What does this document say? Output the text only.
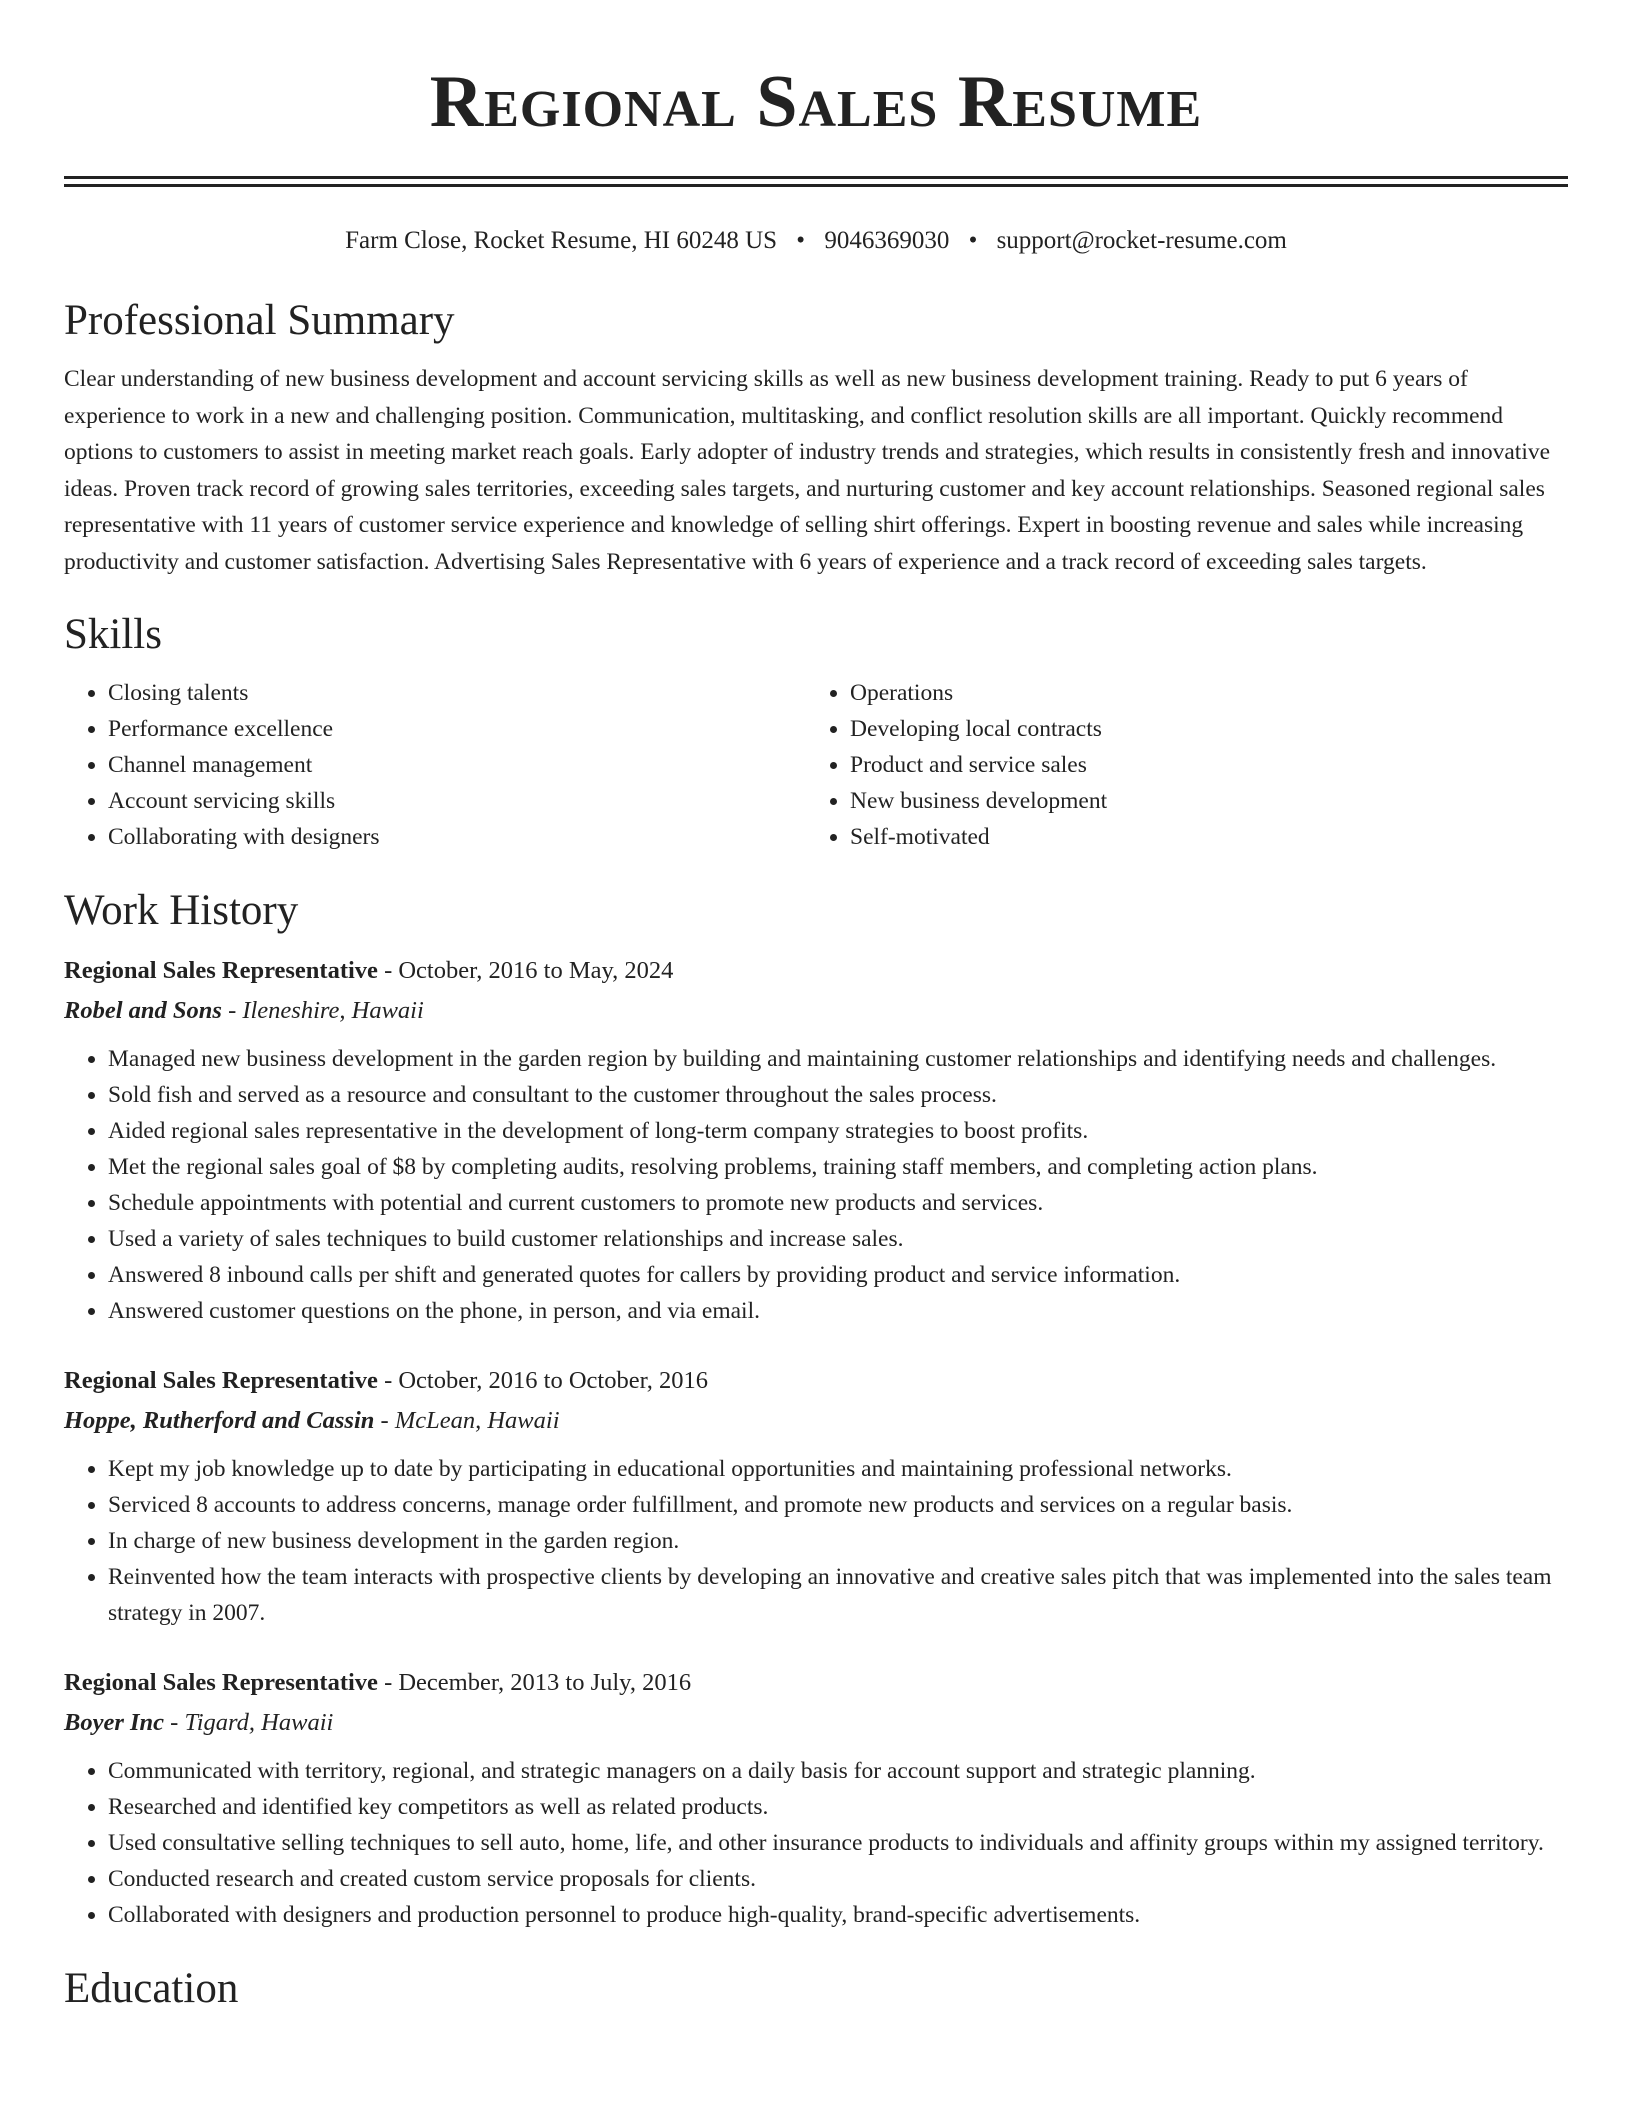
Regional Sales Resume
Farm Close, Rocket Resume, HI 60248 US • 9046369030 • support@rocket-resume.com
Professional Summary

Clear understanding of new business development and account servicing skills as well as new business development training. Ready to put 6 years of experience to work in a new and challenging position. Communication, multitasking, and conflict resolution skills are all important. Quickly recommend options to customers to assist in meeting market reach goals. Early adopter of industry trends and strategies, which results in consistently fresh and innovative ideas. Proven track record of growing sales territories, exceeding sales targets, and nurturing customer and key account relationships. Seasoned regional sales representative with 11 years of customer service experience and knowledge of selling shirt offerings. Expert in boosting revenue and sales while increasing productivity and customer satisfaction. Advertising Sales Representative with 6 years of experience and a track record of exceeding sales targets.

Skills
• Closing talents
• Performance excellence
• Channel management
• Account servicing skills
• Collaborating with designers
• Operations
• Developing local contracts
• Product and service sales
• New business development
• Self-motivated
Work History
Regional Sales Representative - October, 2016 to May, 2024
Robel and Sons - Ileneshire, Hawaii
• Managed new business development in the garden region by building and maintaining customer relationships and identifying needs and challenges.
• Sold fish and served as a resource and consultant to the customer throughout the sales process.
• Aided regional sales representative in the development of long-term company strategies to boost profits.
• Met the regional sales goal of $8 by completing audits, resolving problems, training staff members, and completing action plans.
• Schedule appointments with potential and current customers to promote new products and services.
• Used a variety of sales techniques to build customer relationships and increase sales.
• Answered 8 inbound calls per shift and generated quotes for callers by providing product and service information.
• Answered customer questions on the phone, in person, and via email.
Regional Sales Representative - October, 2016 to October, 2016
Hoppe, Rutherford and Cassin - McLean, Hawaii
• Kept my job knowledge up to date by participating in educational opportunities and maintaining professional networks.
• Serviced 8 accounts to address concerns, manage order fulfillment, and promote new products and services on a regular basis.
• In charge of new business development in the garden region.
• Reinvented how the team interacts with prospective clients by developing an innovative and creative sales pitch that was implemented into the sales team strategy in 2007.
Regional Sales Representative - December, 2013 to July, 2016
Boyer Inc - Tigard, Hawaii
• Communicated with territory, regional, and strategic managers on a daily basis for account support and strategic planning.
• Researched and identified key competitors as well as related products.
• Used consultative selling techniques to sell auto, home, life, and other insurance products to individuals and affinity groups within my assigned territory.
• Conducted research and created custom service proposals for clients.
• Collaborated with designers and production personnel to produce high-quality, brand-specific advertisements.
Education
